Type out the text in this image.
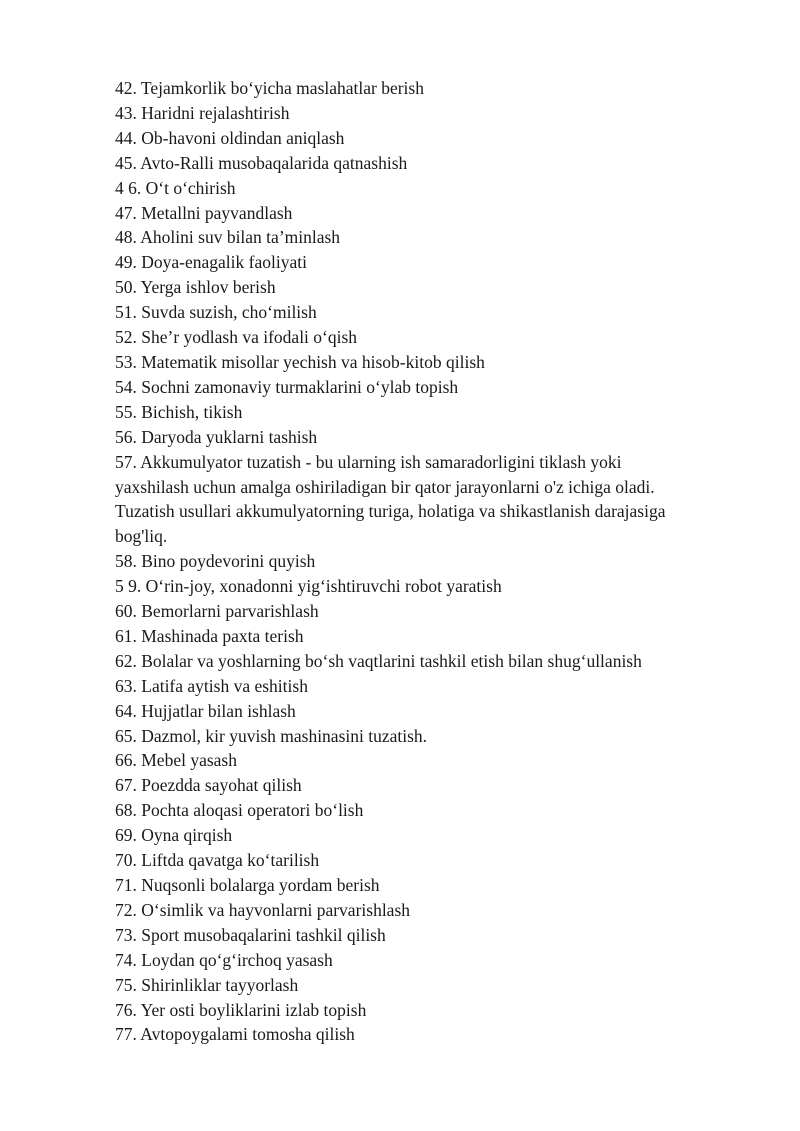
42. Tejamkorlik bo‘yicha maslahatlar berish
43. Haridni rejalashtirish
44. Ob-havoni oldindan aniqlash
45. Avto-Ralli musobaqalarida qatnashish
4 6. O‘t o‘chirish
47. Metallni payvandlash
48. Aholini suv bilan ta’minlash
49. Doya-enagalik faoliyati
50. Yerga ishlov berish
51. Suvda suzish, cho‘milish
52. She’r yodlash va ifodali o‘qish
53. Matematik misollar yechish va hisob-kitob qilish
54. Sochni zamonaviy turmaklarini o‘ylab topish
55. Bichish, tikish
56. Daryoda yuklarni tashish
57. Akkumulyator tuzatish - bu ularning ish samaradorligini tiklash yoki
yaxshilash uchun amalga oshiriladigan bir qator jarayonlarni o'z ichiga oladi.
Tuzatish usullari akkumulyatorning turiga, holatiga va shikastlanish darajasiga
bog'liq.
58. Bino poydevorini quyish
5 9. O‘rin-joy, xonadonni yig‘ishtiruvchi robot yaratish
60. Bemorlarni parvarishlash
61. Mashinada paxta terish
62. Bolalar va yoshlarning bo‘sh vaqtlarini tashkil etish bilan shug‘ullanish
63. Latifa aytish va eshitish
64. Hujjatlar bilan ishlash
65. Dazmol, kir yuvish mashinasini tuzatish.
66. Mebel yasash
67. Poezdda sayohat qilish
68. Pochta aloqasi operatori bo‘lish
69. Oyna qirqish
70. Liftda qavatga ko‘tarilish
71. Nuqsonli bolalarga yordam berish
72. O‘simlik va hayvonlarni parvarishlash
73. Sport musobaqalarini tashkil qilish
74. Loydan qo‘g‘irchoq yasash
75. Shirinliklar tayyorlash
76. Yer osti boyliklarini izlab topish
77. Avtopoygalami tomosha qilish
